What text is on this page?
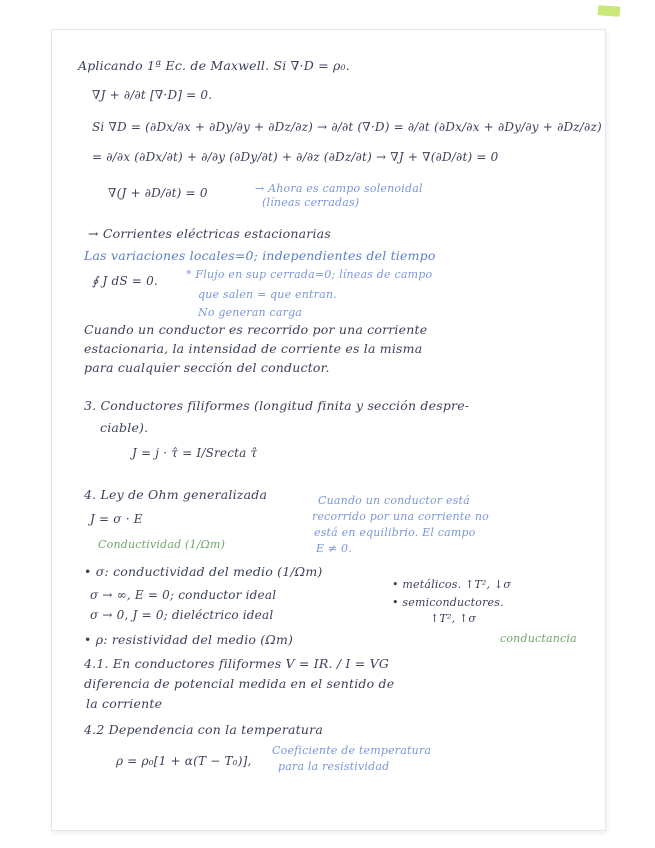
Aplicando 1ª Ec. de Maxwell. Si ∇·D = ρ₀.
∇J + ∂/∂t [∇·D] = 0.
Si ∇D = (∂Dx/∂x + ∂Dy/∂y + ∂Dz/∂z) → ∂/∂t (∇·D) = ∂/∂t (∂Dx/∂x + ∂Dy/∂y + ∂Dz/∂z)
= ∂/∂x (∂Dx/∂t) + ∂/∂y (∂Dy/∂t) + ∂/∂z (∂Dz/∂t) → ∇J + ∇(∂D/∂t) = 0
∇(J + ∂D/∂t) = 0	→ Ahora es campo solenoidal
(líneas cerradas)
→ Corrientes eléctricas estacionarias
Las variaciones locales=0; independientes del tiempo
∮ J dS = 0.	* Flujo en sup cerrada=0; líneas de campo
que salen = que entran.
No generan carga
Cuando un conductor es recorrido por una corriente
estacionaria, la intensidad de corriente es la misma
para cualquier sección del conductor.
3. Conductores filiformes (longitud finita y sección despre-
ciable).
J = j · τ̂ = I/Srecta τ̂
4. Ley de Ohm generalizada
J = σ · E
Conductividad (1/Ωm)
Cuando un conductor está
recorrido por una corriente no
está en equilibrio. El campo
E ≠ 0.
• σ: conductividad del medio (1/Ωm)
σ → ∞, E = 0; conductor ideal
σ → 0, J = 0; dieléctrico ideal
• metálicos. ↑T², ↓σ
• semiconductores.
↑T², ↑σ
• ρ: resistividad del medio (Ωm)	conductancia
4.1. En conductores filiformes V = IR. / I = VG
diferencia de potencial medida en el sentido de
la corriente
4.2 Dependencia con la temperatura
ρ = ρ₀[1 + α(T − T₀)],
Coeficiente de temperatura
para la resistividad
